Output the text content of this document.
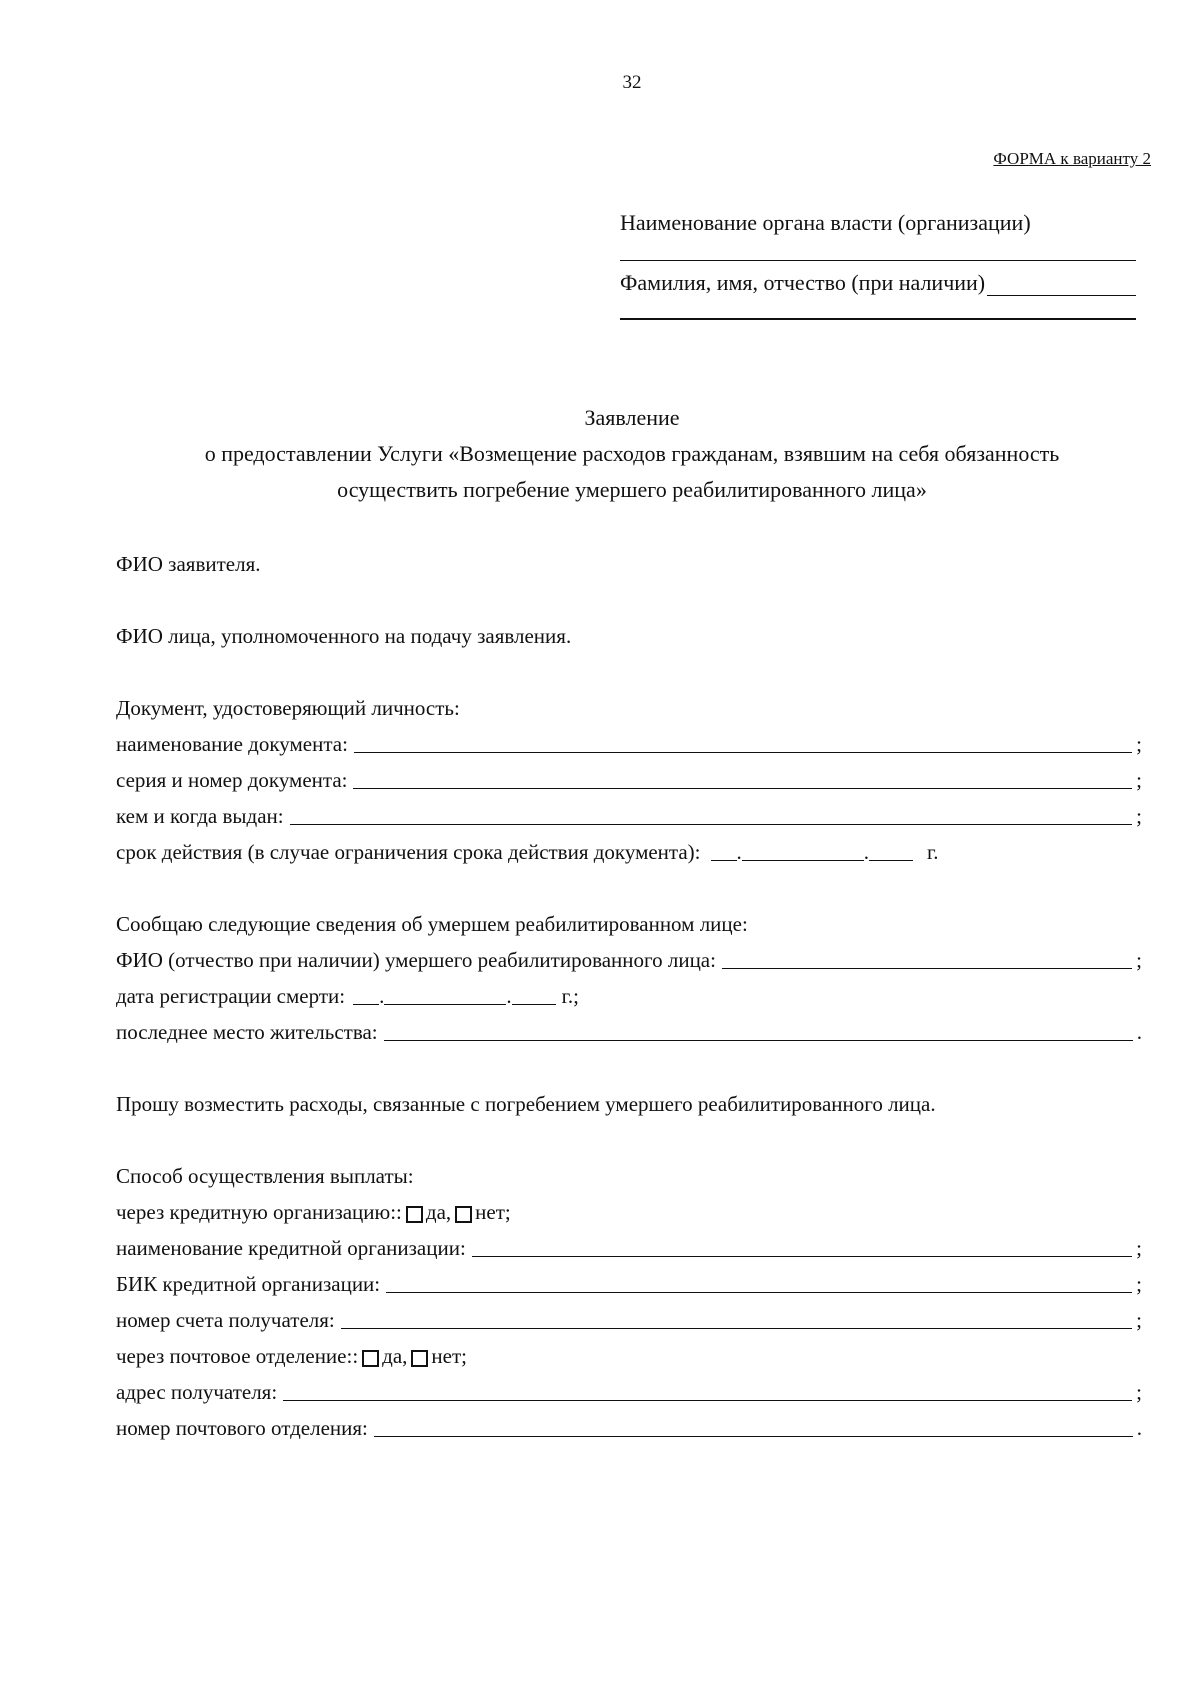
32
ФОРМА к варианту 2
Наименование органа власти (организации)
Фамилия, имя, отчество (при наличии)
Заявление
о предоставлении Услуги «Возмещение расходов гражданам, взявшим на себя обязанность
осуществить погребение умершего реабилитированного лица»
ФИО заявителя.
ФИО лица, уполномоченного на подачу заявления.
Документ, удостоверяющий личность:
наименование документа:	;
серия и номер документа:	;
кем и когда выдан:	;
срок действия (в случае ограничения срока действия документа): .	.	г.
Сообщаю следующие сведения об умершем реабилитированном лице:
ФИО (отчество при наличии) умершего реабилитированного лица:	;
дата регистрации смерти: .	. г.;
последнее место жительства:	.
Прошу возместить расходы, связанные с погребением умершего реабилитированного лица.
Способ осуществления выплаты:
через кредитную организацию:: да, нет;
наименование кредитной организации:	;
БИК кредитной организации:	;
номер счета получателя:	;
через почтовое отделение:: да, нет;
адрес получателя:	;
номер почтового отделения:	.
